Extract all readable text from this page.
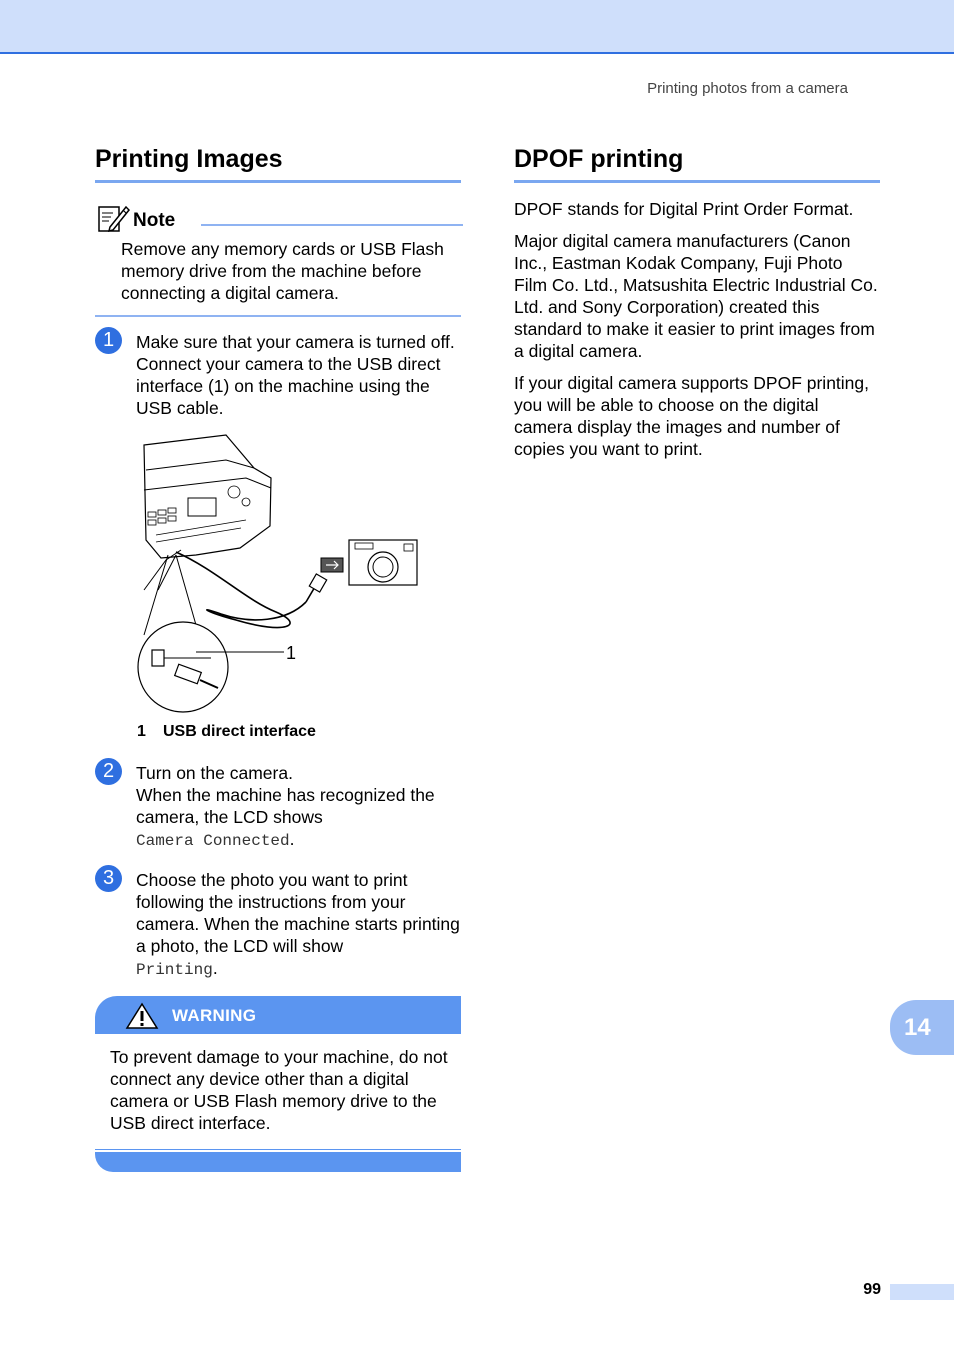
Printing photos from a camera
Printing Images
Note

Remove any memory cards or USB Flash memory drive from the machine before connecting a digital camera.

1	Make sure that your camera is turned off. Connect your camera to the USB direct interface (1) on the machine using the USB cable.

1
1 USB direct interface
2	Turn on the camera.
When the machine has recognized the camera, the LCD shows
Camera Connected.

3	Choose the photo you want to print following the instructions from your camera. When the machine starts printing a photo, the LCD will show
Printing.

WARNING

To prevent damage to your machine, do not connect any device other than a digital camera or USB Flash memory drive to the USB direct interface.

DPOF printing

DPOF stands for Digital Print Order Format.

Major digital camera manufacturers (Canon Inc., Eastman Kodak Company, Fuji Photo Film Co. Ltd., Matsushita Electric Industrial Co. Ltd. and Sony Corporation) created this standard to make it easier to print images from a digital camera.

If your digital camera supports DPOF printing, you will be able to choose on the digital camera display the images and number of copies you want to print.

14
99
